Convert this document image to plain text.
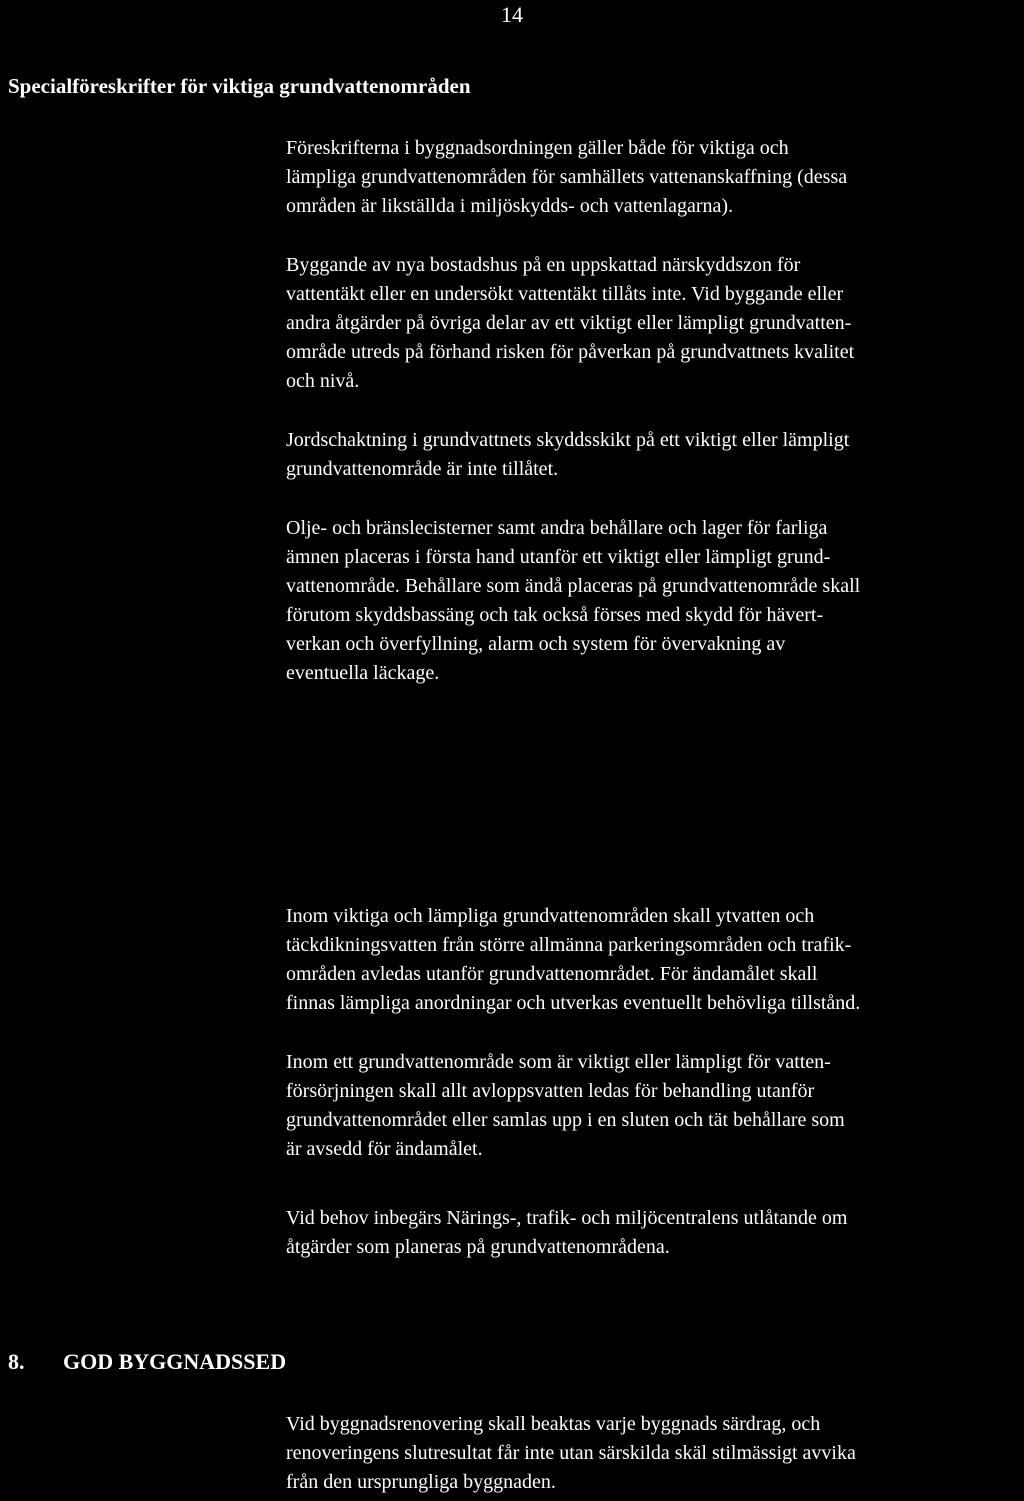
14
Specialföreskrifter för viktiga grundvattenområden

Föreskrifterna i byggnadsordningen gäller både för viktiga och
lämpliga grundvattenområden för samhällets vattenanskaffning (dessa
områden är likställda i miljöskydds- och vattenlagarna).

Byggande av nya bostadshus på en uppskattad närskyddszon för
vattentäkt eller en undersökt vattentäkt tillåts inte. Vid byggande eller
andra åtgärder på övriga delar av ett viktigt eller lämpligt grundvatten-
område utreds på förhand risken för påverkan på grundvattnets kvalitet
och nivå.

Jordschaktning i grundvattnets skyddsskikt på ett viktigt eller lämpligt
grundvattenområde är inte tillåtet.

Olje- och bränslecisterner samt andra behållare och lager för farliga
ämnen placeras i första hand utanför ett viktigt eller lämpligt grund-
vattenområde. Behållare som ändå placeras på grundvattenområde skall
förutom skyddsbassäng och tak också förses med skydd för hävert-
verkan och överfyllning, alarm och system för övervakning av
eventuella läckage.

Inom viktiga och lämpliga grundvattenområden skall ytvatten och
täckdikningsvatten från större allmänna parkeringsområden och trafik-
områden avledas utanför grundvattenområdet. För ändamålet skall
finnas lämpliga anordningar och utverkas eventuellt behövliga tillstånd.

Inom ett grundvattenområde som är viktigt eller lämpligt för vatten-
försörjningen skall allt avloppsvatten ledas för behandling utanför
grundvattenområdet eller samlas upp i en sluten och tät behållare som
är avsedd för ändamålet.

Vid behov inbegärs Närings-, trafik- och miljöcentralens utlåtande om
åtgärder som planeras på grundvattenområdena.

8. GOD BYGGNADSSED

Vid byggnadsrenovering skall beaktas varje byggnads särdrag, och
renoveringens slutresultat får inte utan särskilda skäl stilmässigt avvika
från den ursprungliga byggnaden.
